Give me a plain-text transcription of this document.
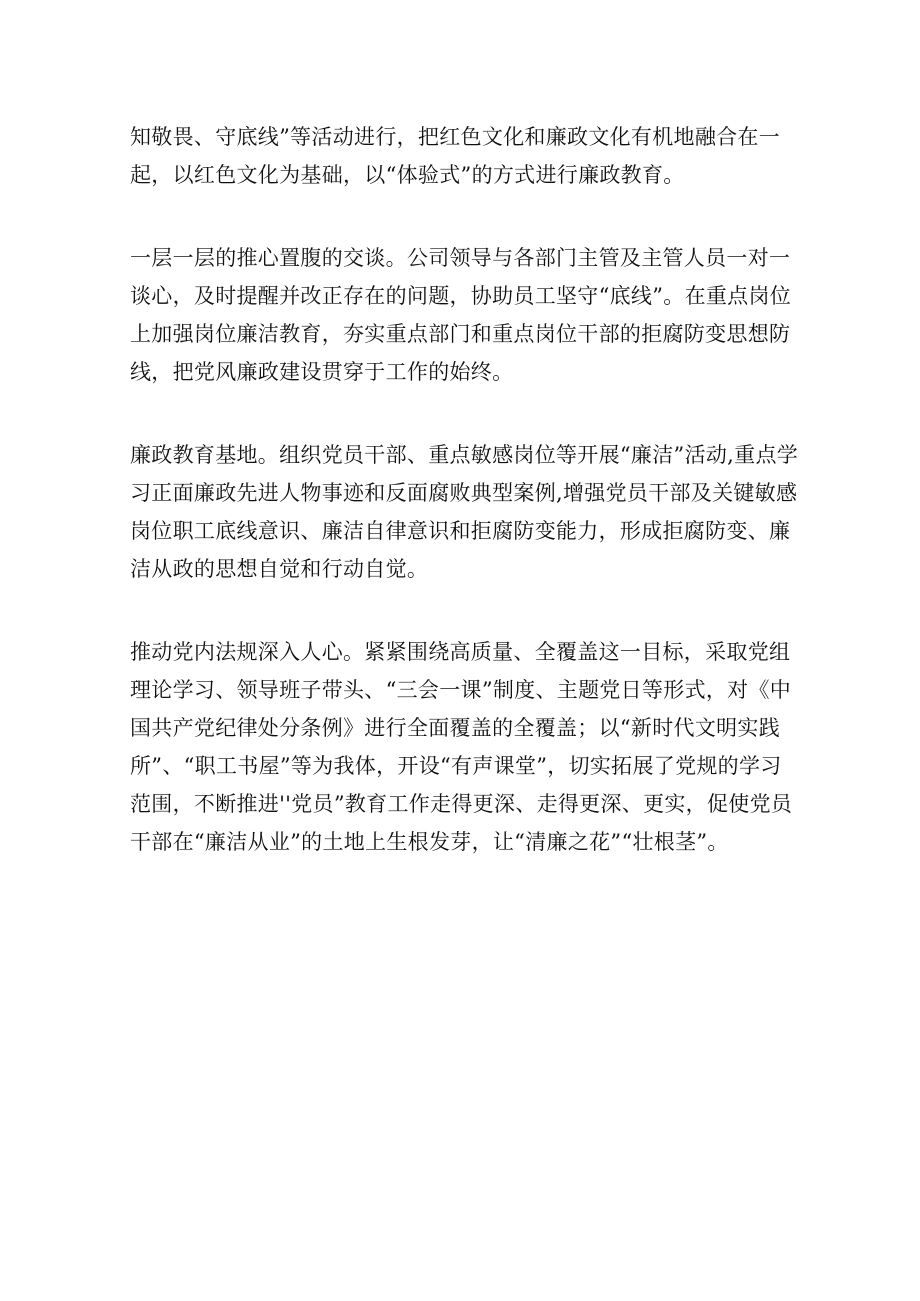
知敬畏、守底线”等活动进行，把红色文化和廉政文化有机地融合在一起，以红色文化为基础，以“体验式”的方式进行廉政教育。

一层一层的推心置腹的交谈。公司领导与各部门主管及主管人员一对一谈心，及时提醒并改正存在的问题，协助员工坚守“底线”。在重点岗位上加强岗位廉洁教育，夯实重点部门和重点岗位干部的拒腐防变思想防线，把党风廉政建设贯穿于工作的始终。

廉政教育基地。组织党员干部、重点敏感岗位等开展“廉洁”活动,重点学习正面廉政先进人物事迹和反面腐败典型案例,增强党员干部及关键敏感岗位职工底线意识、廉洁自律意识和拒腐防变能力，形成拒腐防变、廉洁从政的思想自觉和行动自觉。

推动党内法规深入人心。紧紧围绕高质量、全覆盖这一目标，采取党组理论学习、领导班子带头、“三会一课”制度、主题党日等形式，对《中国共产党纪律处分条例》进行全面覆盖的全覆盖；以“新时代文明实践所”、“职工书屋”等为我体，开设“有声课堂”，切实拓展了党规的学习范围，不断推进''党员”教育工作走得更深、走得更深、更实，促使党员干部在“廉洁从业”的土地上生根发芽，让“清廉之花”“壮根茎”。
